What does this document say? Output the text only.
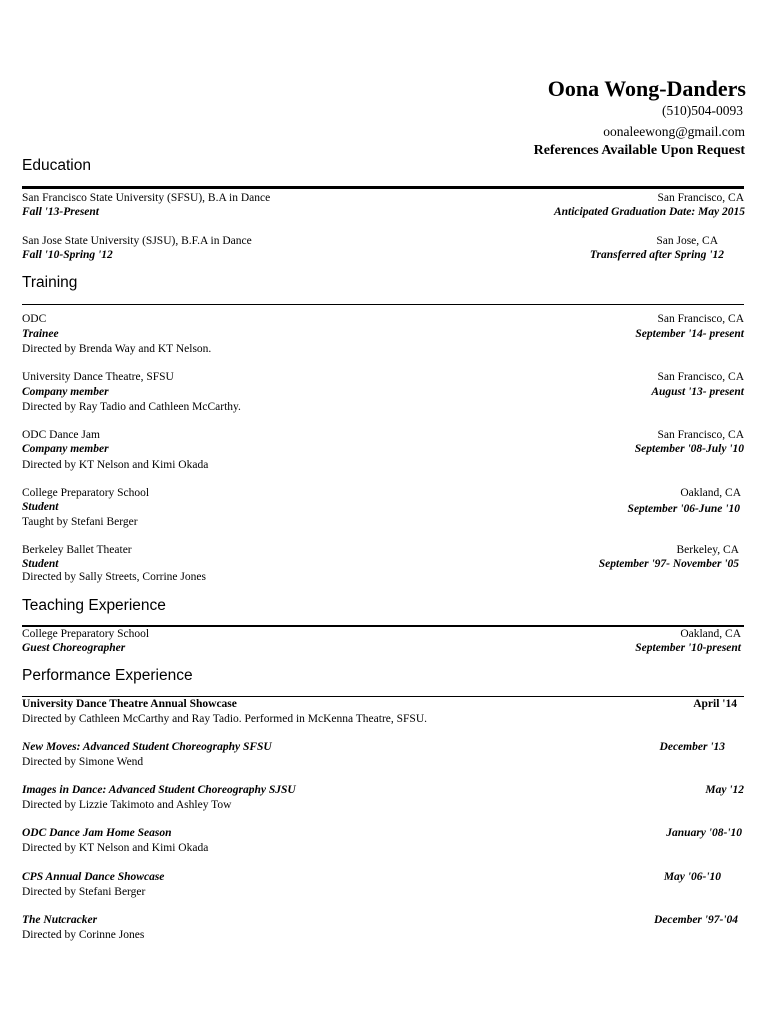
Oona Wong-Danders
(510)504-0093
oonaleewong@gmail.com
References Available Upon Request
Education
San Francisco State University (SFSU), B.A in Dance
Fall '13-Present
San Francisco, CA
Anticipated Graduation Date: May 2015
San Jose State University (SJSU), B.F.A in Dance
Fall '10-Spring '12
San Jose, CA
Transferred after Spring '12
Training
ODC
Trainee
Directed by Brenda Way and KT Nelson.
San Francisco, CA
September '14- present
University Dance Theatre, SFSU
Company member
Directed by Ray Tadio and Cathleen McCarthy.
San Francisco, CA
August '13- present
ODC Dance Jam
Company member
Directed by KT Nelson and Kimi Okada
San Francisco, CA
September '08-July '10
College Preparatory School
Student
Taught by Stefani Berger
Oakland, CA
September '06-June '10
Berkeley Ballet Theater
Student
Directed by Sally Streets, Corrine Jones
Berkeley, CA
September '97- November '05
Teaching Experience
College Preparatory School
Guest Choreographer
Oakland, CA
September '10-present
Performance Experience
University Dance Theatre Annual Showcase
Directed by Cathleen McCarthy and Ray Tadio. Performed in McKenna Theatre, SFSU.
April '14
New Moves: Advanced Student Choreography SFSU
Directed by Simone Wend
December '13
Images in Dance: Advanced Student Choreography SJSU
Directed by Lizzie Takimoto and Ashley Tow
May '12
ODC Dance Jam Home Season
Directed by KT Nelson and Kimi Okada
January '08-'10
CPS Annual Dance Showcase
Directed by Stefani Berger
May '06-'10
The Nutcracker
Directed by Corinne Jones
December '97-'04
